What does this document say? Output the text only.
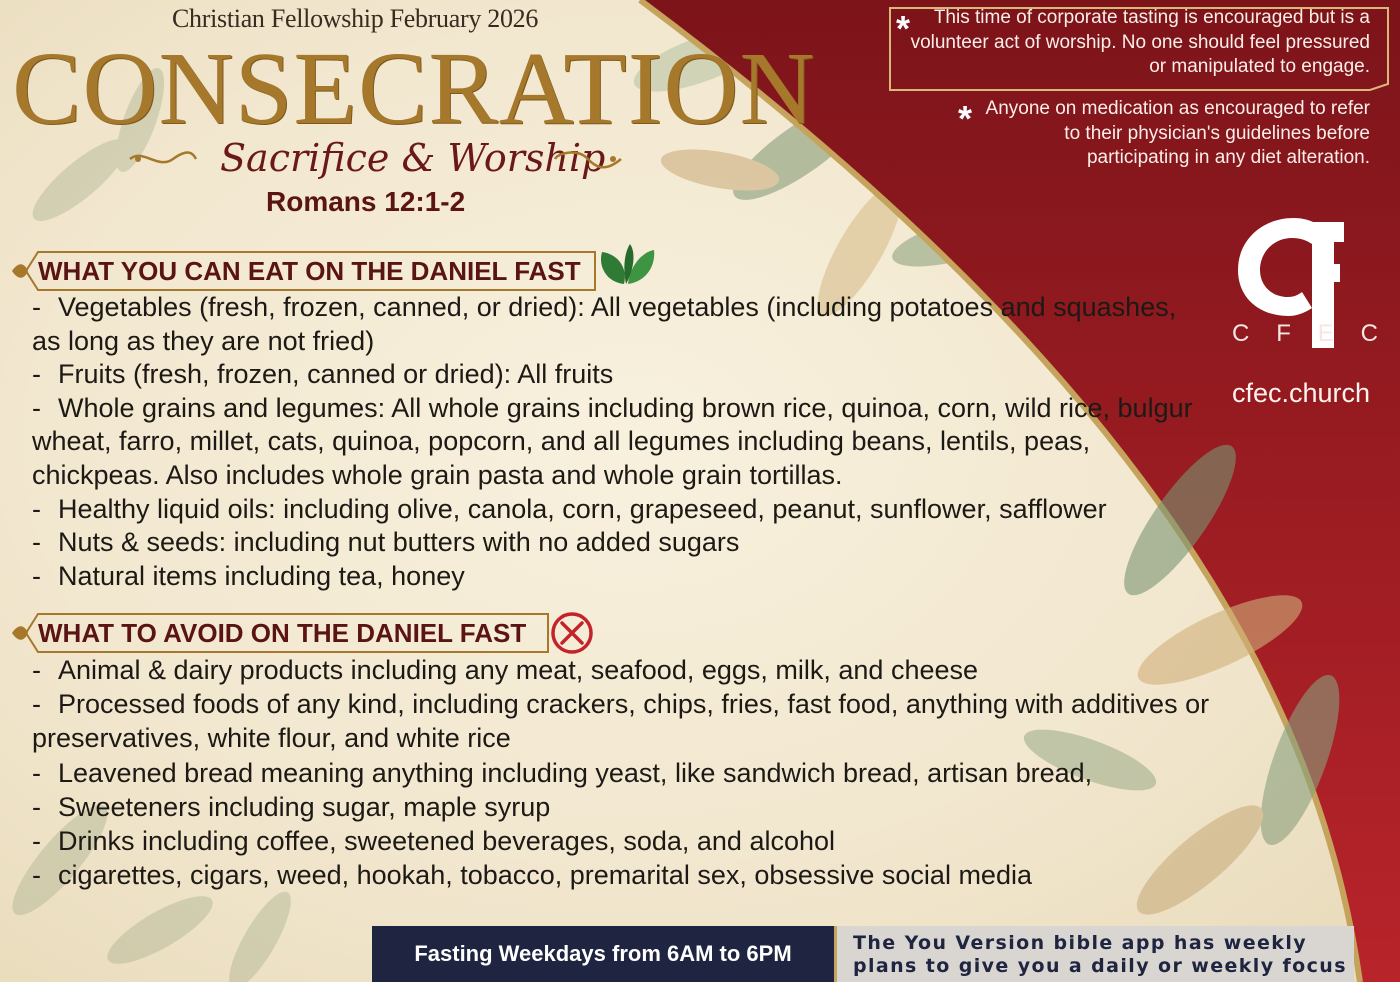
Christian Fellowship February 2026
CONSECRATION
Sacrifice & Worship
Romans 12:1-2
WHAT YOU CAN EAT ON THE DANIEL FAST
- Vegetables (fresh, frozen, canned, or dried): All vegetables (including potatoes and squashes, as long as they are not fried)
- Fruits (fresh, frozen, canned or dried): All fruits
- Whole grains and legumes: All whole grains including brown rice, quinoa, corn, wild rice, bulgur wheat, farro, millet, cats, quinoa, popcorn, and all legumes including beans, lentils, peas, chickpeas. Also includes whole grain pasta and whole grain tortillas.
- Healthy liquid oils: including olive, canola, corn, grapeseed, peanut, sunflower, safflower
- Nuts & seeds: including nut butters with no added sugars
- Natural items including tea, honey
WHAT TO AVOID ON THE DANIEL FAST
- Animal & dairy products including any meat, seafood, eggs, milk, and cheese
- Processed foods of any kind, including crackers, chips, fries, fast food, anything with additives or preservatives, white flour, and white rice
- Leavened bread meaning anything including yeast, like sandwich bread, artisan bread,
- Sweeteners including sugar, maple syrup
- Drinks including coffee, sweetened beverages, soda, and alcohol
- cigarettes, cigars, weed, hookah, tobacco, premarital sex, obsessive social media
*	This time of corporate tasting is encouraged but is a volunteer act of worship. No one should feel pressured or manipulated to engage.
* Anyone on medication as encouraged to refer to their physician's guidelines before participating in any diet alteration.
C F E C
cfec.church
Fasting Weekdays from 6AM to 6PM	The You Version bible app has weekly plans to give you a daily or weekly focus
